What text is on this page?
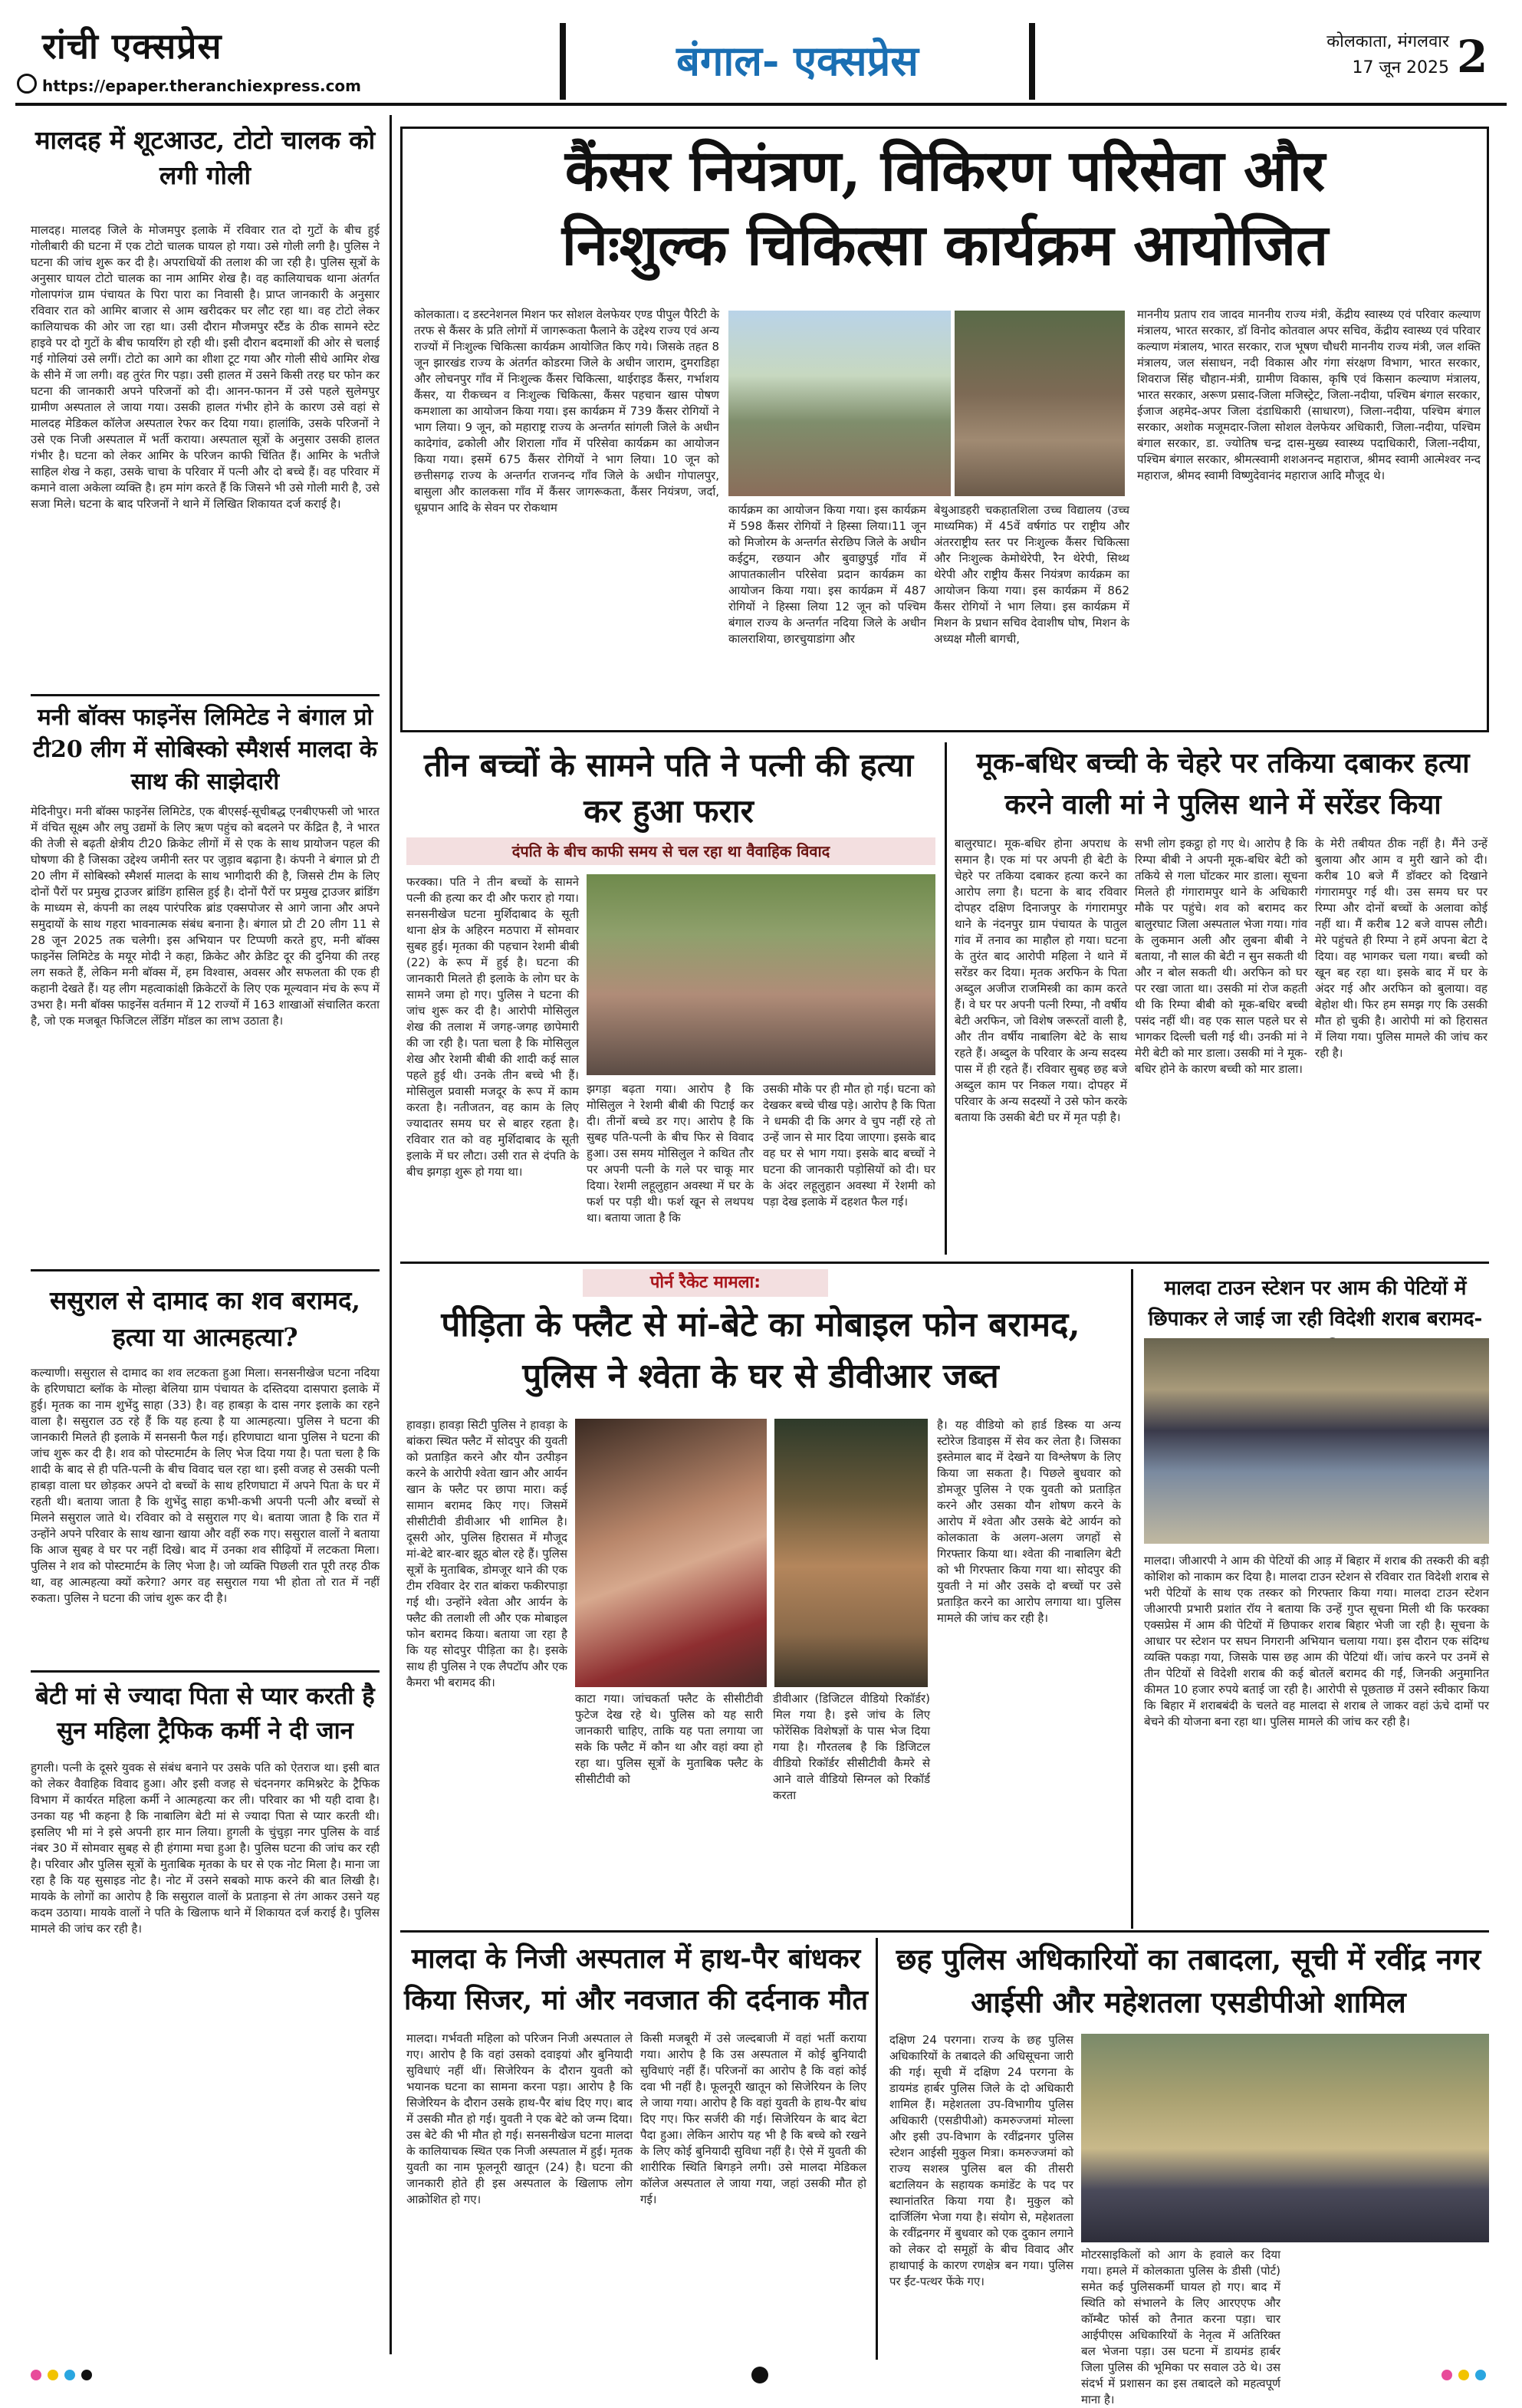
रांची एक्सप्रेस
https://epaper.theranchiexpress.com
बंगाल- एक्सप्रेस	कोलकाता, मंगलवार
17 जून 2025 2
मालदह में शूटआउट, टोटो चालक को लगी गोली
मालदह। मालदह जिले के मोजमपुर इलाके में रविवार रात दो गुटों के बीच हुई गोलीबारी की घटना में एक टोटो चालक घायल हो गया। उसे गोली लगी है। पुलिस ने घटना की जांच शुरू कर दी है। अपराधियों की तलाश की जा रही है। पुलिस सूत्रों के अनुसार घायल टोटो चालक का नाम आमिर शेख है। वह कालियाचक थाना अंतर्गत गोलापगंज ग्राम पंचायत के पिरा पारा का निवासी है। प्राप्त जानकारी के अनुसार रविवार रात को आमिर बाजार से आम खरीदकर घर लौट रहा था। वह टोटो लेकर कालियाचक की ओर जा रहा था। उसी दौरान मौजमपुर स्टैंड के ठीक सामने स्टेट हाइवे पर दो गुटों के बीच फायरिंग हो रही थी। इसी दौरान बदमाशों की ओर से चलाई गई गोलियां उसे लगीं। टोटो का आगे का शीशा टूट गया और गोली सीधे आमिर शेख के सीने में जा लगी। वह तुरंत गिर पड़ा। उसी हालत में उसने किसी तरह घर फोन कर घटना की जानकारी अपने परिजनों को दी। आनन-फानन में उसे पहले सुलेमपुर ग्रामीण अस्पताल ले जाया गया। उसकी हालत गंभीर होने के कारण उसे वहां से मालदह मेडिकल कॉलेज अस्पताल रेफर कर दिया गया। हालांकि, उसके परिजनों ने उसे एक निजी अस्पताल में भर्ती कराया। अस्पताल सूत्रों के अनुसार उसकी हालत गंभीर है। घटना को लेकर आमिर के परिजन काफी चिंतित हैं। आमिर के भतीजे साहिल शेख ने कहा, उसके चाचा के परिवार में पत्नी और दो बच्चे हैं। वह परिवार में कमाने वाला अकेला व्यक्ति है। हम मांग करते हैं कि जिसने भी उसे गोली मारी है, उसे सजा मिले। घटना के बाद परिजनों ने थाने में लिखित शिकायत दर्ज कराई है।
मनी बॉक्स फाइनेंस लिमिटेड ने बंगाल प्रो टी20 लीग में सोबिस्को स्मैशर्स मालदा के साथ की साझेदारी
मेदिनीपुर। मनी बॉक्स फाइनेंस लिमिटेड, एक बीएसई-सूचीबद्ध एनबीएफसी जो भारत में वंचित सूक्ष्म और लघु उद्यमों के लिए ऋण पहुंच को बदलने पर केंद्रित है, ने भारत की तेजी से बढ़ती क्षेत्रीय टी20 क्रिकेट लीगों में से एक के साथ प्रायोजन पहल की घोषणा की है जिसका उद्देश्य जमीनी स्तर पर जुड़ाव बढ़ाना है। कंपनी ने बंगाल प्रो टी 20 लीग में सोबिस्को स्मैशर्स मालदा के साथ भागीदारी की है, जिससे टीम के लिए दोनों पैरों पर प्रमुख ट्राउजर ब्रांडिंग हासिल हुई है। दोनों पैरों पर प्रमुख ट्राउजर ब्रांडिंग के माध्यम से, कंपनी का लक्ष्य पारंपरिक ब्रांड एक्सपोजर से आगे जाना और अपने समुदायों के साथ गहरा भावनात्मक संबंध बनाना है। बंगाल प्रो टी 20 लीग 11 से 28 जून 2025 तक चलेगी। इस अभियान पर टिप्पणी करते हुए, मनी बॉक्स फाइनेंस लिमिटेड के मयूर मोदी ने कहा, क्रिकेट और क्रेडिट दूर की दुनिया की तरह लग सकते हैं, लेकिन मनी बॉक्स में, हम विश्वास, अवसर और सफलता की एक ही कहानी देखते हैं। यह लीग महत्वाकांक्षी क्रिकेटरों के लिए एक मूल्यवान मंच के रूप में उभरा है। मनी बॉक्स फाइनेंस वर्तमान में 12 राज्यों में 163 शाखाओं संचालित करता है, जो एक मजबूत फिजिटल लेंडिंग मॉडल का लाभ उठाता है।
ससुराल से दामाद का शव बरामद, हत्या या आत्महत्या?
कल्याणी। ससुराल से दामाद का शव लटकता हुआ मिला। सनसनीखेज घटना नदिया के हरिणघाटा ब्लॉक के मोल्हा बेलिया ग्राम पंचायत के दस्तिदया दासपारा इलाके में हुई। मृतक का नाम शुभेंदु साहा (33) है। वह हाबड़ा के दास नगर इलाके का रहने वाला है। ससुराल उठ रहे हैं कि यह हत्या है या आत्महत्या। पुलिस ने घटना की जानकारी मिलते ही इलाके में सनसनी फैल गई। हरिणघाटा थाना पुलिस ने घटना की जांच शुरू कर दी है। शव को पोस्टमार्टम के लिए भेज दिया गया है। पता चला है कि शादी के बाद से ही पति-पत्नी के बीच विवाद चल रहा था। इसी वजह से उसकी पत्नी हाबड़ा वाला घर छोड़कर अपने दो बच्चों के साथ हरिणघाटा में अपने पिता के घर में रहती थी। बताया जाता है कि शुभेंदु साहा कभी-कभी अपनी पत्नी और बच्चों से मिलने ससुराल जाते थे। रविवार को वे ससुराल गए थे। बताया जाता है कि रात में उन्होंने अपने परिवार के साथ खाना खाया और वहीं रुक गए। ससुराल वालों ने बताया कि आज सुबह वे घर पर नहीं दिखे। बाद में उनका शव सीढ़ियों में लटकता मिला। पुलिस ने शव को पोस्टमार्टम के लिए भेजा है। जो व्यक्ति पिछली रात पूरी तरह ठीक था, वह आत्महत्या क्यों करेगा? अगर वह ससुराल गया भी होता तो रात में नहीं रुकता। पुलिस ने घटना की जांच शुरू कर दी है।
बेटी मां से ज्यादा पिता से प्यार करती है सुन महिला ट्रैफिक कर्मी ने दी जान
हुगली। पत्नी के दूसरे युवक से संबंध बनाने पर उसके पति को ऐतराज था। इसी बात को लेकर वैवाहिक विवाद हुआ। और इसी वजह से चंदननगर कमिश्नरेट के ट्रैफिक विभाग में कार्यरत महिला कर्मी ने आत्महत्या कर ली। परिवार का भी यही दावा है। उनका यह भी कहना है कि नाबालिग बेटी मां से ज्यादा पिता से प्यार करती थी। इसलिए भी मां ने इसे अपनी हार मान लिया। हुगली के चुंचुड़ा नगर पुलिस के वार्ड नंबर 30 में सोमवार सुबह से ही हंगामा मचा हुआ है। पुलिस घटना की जांच कर रही है। परिवार और पुलिस सूत्रों के मुताबिक मृतका के घर से एक नोट मिला है। माना जा रहा है कि यह सुसाइड नोट है। नोट में उसने सबको माफ करने की बात लिखी है। मायके के लोगों का आरोप है कि ससुराल वालों के प्रताड़ना से तंग आकर उसने यह कदम उठाया। मायके वालों ने पति के खिलाफ थाने में शिकायत दर्ज कराई है। पुलिस मामले की जांच कर रही है।
कैंसर नियंत्रण, विकिरण परिसेवा और
निःशुल्क चिकित्सा कार्यक्रम आयोजित
कोलकाता। द डस्टनेशनल मिशन फर सोशल वेलफेयर एण्ड पीपुल पैरिटी के तरफ से कैंसर के प्रति लोगों में जागरूकता फैलाने के उद्देश्य राज्य एवं अन्य राज्यों में निःशुल्क चिकित्सा कार्यक्रम आयोजित किए गये। जिसके तहत 8 जून झारखंड राज्य के अंतर्गत कोडरमा जिले के अधीन जाराम, दुमराडिहा और लोचनपुर गाँव में निःशुल्क कैंसर चिकित्सा, थाईराइड कैंसर, गर्भाशय कैंसर, या रीकच्चन व निःशुल्क चिकित्सा, कैंसर पहचान खास पोषण कमशाला का आयोजन किया गया। इस कार्यक्रम में 739 कैंसर रोगियों ने भाग लिया। 9 जून, को महाराष्ट्र राज्य के अन्तर्गत सांगली जिले के अधीन कादेगांव, ढकोली और शिराला गाँव में परिसेवा कार्यक्रम का आयोजन किया गया। इसमें 675 कैंसर रोगियों ने भाग लिया। 10 जून को छत्तीसगढ़ राज्य के अन्तर्गत राजनन्द गाँव जिले के अधीन गोपालपुर, बासुला और कालकसा गाँव में कैंसर जागरूकता, कैंसर नियंत्रण, जर्दा, धूम्रपान आदि के सेवन पर रोकथाम	कार्यक्रम का आयोजन किया गया। इस कार्यक्रम में 598 कैंसर रोगियों ने हिस्सा लिया।11 जून को मिजोरम के अन्तर्गत सेरछिप जिले के अधीन कईटुम, रछयान और बुवाछुपुई गाँव में आपातकालीन परिसेवा प्रदान कार्यक्रम का आयोजन किया गया। इस कार्यक्रम में 487 रोगियों ने हिस्सा लिया 12 जून को पश्चिम बंगाल राज्य के अन्तर्गत नदिया जिले के अधीन कालराशिया, छारचुयाडांगा और
बेथुआडहरी चकहातशिला उच्च विद्यालय (उच्च माध्यमिक) में 45वें वर्षगांठ पर राष्ट्रीय और अंतरराष्ट्रीय स्तर पर निःशुल्क कैंसर चिकित्सा और निःशुल्क केमोथेरेपी, रैन थेरेपी, सिथ्थ थेरेपी और राष्ट्रीय कैंसर नियंत्रण कार्यक्रम का आयोजन किया गया। इस कार्यक्रम में 862 कैंसर रोगियों ने भाग लिया। इस कार्यक्रम में मिशन के प्रधान सचिव देवाशीष घोष, मिशन के अध्यक्ष मौली बागची,
माननीय प्रताप राव जादव माननीय राज्य मंत्री, केंद्रीय स्वास्थ्य एवं परिवार कल्याण मंत्रालय, भारत सरकार, डॉ विनोद कोतवाल अपर सचिव, केंद्रीय स्वास्थ्य एवं परिवार कल्याण मंत्रालय, भारत सरकार, राज भूषण चौधरी माननीय राज्य मंत्री, जल शक्ति मंत्रालय, जल संसाधन, नदी विकास और गंगा संरक्षण विभाग, भारत सरकार, शिवराज सिंह चौहान-मंत्री, ग्रामीण विकास, कृषि एवं किसान कल्याण मंत्रालय, भारत सरकार, अरूण प्रसाद-जिला मजिस्ट्रेट, जिला-नदीया, पश्चिम बंगाल सरकार, ईजाज अहमेद-अपर जिला दंडाधिकारी (साधारण), जिला-नदीया, पश्चिम बंगाल सरकार, अशोक मजूमदार-जिला सोशल वेलफेयर अधिकारी, जिला-नदीया, पश्चिम बंगाल सरकार, डा. ज्योतिष चन्द्र दास-मुख्य स्वास्थ्य पदाधिकारी, जिला-नदीया, पश्चिम बंगाल सरकार, श्रीमत्स्वामी शशअनन्द महाराज, श्रीमद स्वामी आत्मेश्वर नन्द महाराज, श्रीमद स्वामी विष्णुदेवानंद महाराज आदि मौजूद थे।
तीन बच्चों के सामने पति ने पत्नी की हत्या कर हुआ फरार
दंपति के बीच काफी समय से चल रहा था वैवाहिक विवाद
फरक्का। पति ने तीन बच्चों के सामने पत्नी की हत्या कर दी और फरार हो गया। सनसनीखेज घटना मुर्शिदाबाद के सूती थाना क्षेत्र के अहिरन मठपारा में सोमवार सुबह हुई। मृतका की पहचान रेशमी बीबी (22) के रूप में हुई है। घटना की जानकारी मिलते ही इलाके के लोग घर के सामने जमा हो गए। पुलिस ने घटना की जांच शुरू कर दी है। आरोपी मोसिलुल शेख की तलाश में जगह-जगह छापेमारी की जा रही है। पता चला है कि मोसिलुल शेख और रेशमी बीबी की शादी कई साल पहले हुई थी। उनके तीन बच्चे भी हैं। मोसिलुल प्रवासी मजदूर के रूप में काम करता है। नतीजतन, वह काम के लिए ज्यादातर समय घर से बाहर रहता है। रविवार रात को वह मुर्शिदाबाद के सूती इलाके में घर लौटा। उसी रात से दंपति के बीच झगड़ा शुरू हो गया था।
झगड़ा बढ़ता गया। आरोप है कि मोसिलुल ने रेशमी बीबी की पिटाई कर दी। तीनों बच्चे डर गए। आरोप है कि सुबह पति-पत्नी के बीच फिर से विवाद हुआ। उस समय मोसिलुल ने कथित तौर पर अपनी पत्नी के गले पर चाकू मार दिया। रेशमी लहूलुहान अवस्था में घर के फर्श पर पड़ी थी। फर्श खून से लथपथ था। बताया जाता है कि
उसकी मौके पर ही मौत हो गई। घटना को देखकर बच्चे चीख पड़े। आरोप है कि पिता ने धमकी दी कि अगर वे चुप नहीं रहे तो उन्हें जान से मार दिया जाएगा। इसके बाद वह घर से भाग गया। इसके बाद बच्चों ने घटना की जानकारी पड़ोसियों को दी। घर के अंदर लहूलुहान अवस्था में रेशमी को पड़ा देख इलाके में दहशत फैल गई।
मूक-बधिर बच्ची के चेहरे पर तकिया दबाकर हत्या करने वाली मां ने पुलिस थाने में सरेंडर किया
बालुरघाट। मूक-बधिर होना अपराध के समान है। एक मां पर अपनी ही बेटी के चेहरे पर तकिया दबाकर हत्या करने का आरोप लगा है। घटना के बाद रविवार दोपहर दक्षिण दिनाजपुर के गंगारामपुर थाने के नंदनपुर ग्राम पंचायत के पातुल गांव में तनाव का माहौल हो गया। घटना के तुरंत बाद आरोपी महिला ने थाने में सरेंडर कर दिया। मृतक अरफिन के पिता अब्दुल अजीज राजमिस्त्री का काम करते हैं। वे घर पर अपनी पत्नी रिम्पा, नौ वर्षीय बेटी अरफिन, जो विशेष जरूरतों वाली है, और तीन वर्षीय नाबालिग बेटे के साथ रहते हैं। अब्दुल के परिवार के अन्य सदस्य पास में ही रहते हैं। रविवार सुबह छह बजे अब्दुल काम पर निकल गया। दोपहर में परिवार के अन्य सदस्यों ने उसे फोन करके बताया कि उसकी बेटी घर में मृत पड़ी है।
सभी लोग इकट्ठा हो गए थे। आरोप है कि रिम्पा बीबी ने अपनी मूक-बधिर बेटी को तकिये से गला घोंटकर मार डाला। सूचना मिलते ही गंगारामपुर थाने के अधिकारी मौके पर पहुंचे। शव को बरामद कर बालुरघाट जिला अस्पताल भेजा गया। गांव के लुकमान अली और लुबना बीबी ने बताया, नौ साल की बेटी न सुन सकती थी और न बोल सकती थी। अरफिन को घर पर रखा जाता था। उसकी मां रोज कहती थी कि रिम्पा बीबी को मूक-बधिर बच्ची पसंद नहीं थी। वह एक साल पहले घर से भागकर दिल्ली चली गई थी। उनकी मां ने मेरी बेटी को मार डाला। उसकी मां ने मूक-बधिर होने के कारण बच्ची को मार डाला।
के मेरी तबीयत ठीक नहीं है। मैंने उन्हें बुलाया और आम व मुरी खाने को दी। करीब 10 बजे मैं डॉक्टर को दिखाने गंगारामपुर गई थी। उस समय घर पर रिम्पा और दोनों बच्चों के अलावा कोई नहीं था। मैं करीब 12 बजे वापस लौटी। मेरे पहुंचते ही रिम्पा ने हमें अपना बेटा दे दिया। वह भागकर चला गया। बच्ची को खून बह रहा था। इसके बाद में घर के अंदर गई और अरफिन को बुलाया। वह बेहोश थी। फिर हम समझ गए कि उसकी मौत हो चुकी है। आरोपी मां को हिरासत में लिया गया। पुलिस मामले की जांच कर रही है।
पोर्न रैकेट मामला:
पीड़िता के फ्लैट से मां-बेटे का मोबाइल फोन बरामद,
पुलिस ने श्वेता के घर से डीवीआर जब्त
हावड़ा। हावड़ा सिटी पुलिस ने हावड़ा के बांकरा स्थित फ्लैट में सोदपुर की युवती को प्रताड़ित करने और यौन उत्पीड़न करने के आरोपी श्वेता खान और आर्यन खान के फ्लैट पर छापा मारा। कई सामान बरामद किए गए। जिसमें सीसीटीवी डीवीआर भी शामिल है। दूसरी ओर, पुलिस हिरासत में मौजूद मां-बेटे बार-बार झूठ बोल रहे हैं। पुलिस सूत्रों के मुताबिक, डोमजूर थाने की एक टीम रविवार देर रात बांकरा फकीरपाड़ा गई थी। उन्होंने श्वेता और आर्यन के फ्लैट की तलाशी ली और एक मोबाइल फोन बरामद किया। बताया जा रहा है कि यह सोदपुर पीड़िता का है। इसके साथ ही पुलिस ने एक लैपटॉप और एक कैमरा भी बरामद की।
काटा गया। जांचकर्ता फ्लैट के सीसीटीवी फुटेज देख रहे थे। पुलिस को यह सारी जानकारी चाहिए, ताकि यह पता लगाया जा सके कि फ्लैट में कौन था और वहां क्या हो रहा था। पुलिस सूत्रों के मुताबिक फ्लैट के सीसीटीवी को
डीवीआर (डिजिटल वीडियो रिकॉर्डर) मिल गया है। इसे जांच के लिए फोरेंसिक विशेषज्ञों के पास भेज दिया गया है। गौरतलब है कि डिजिटल वीडियो रिकॉर्डर सीसीटीवी कैमरे से आने वाले वीडियो सिग्नल को रिकॉर्ड करता
है। यह वीडियो को हार्ड डिस्क या अन्य स्टोरेज डिवाइस में सेव कर लेता है। जिसका इस्तेमाल बाद में देखने या विश्लेषण के लिए किया जा सकता है। पिछले बुधवार को डोमजूर पुलिस ने एक युवती को प्रताड़ित करने और उसका यौन शोषण करने के आरोप में श्वेता और उसके बेटे आर्यन को कोलकाता के अलग-अलग जगहों से गिरफ्तार किया था। श्वेता की नाबालिग बेटी को भी गिरफ्तार किया गया था। सोदपुर की युवती ने मां और उसके दो बच्चों पर उसे प्रताड़ित करने का आरोप लगाया था। पुलिस मामले की जांच कर रही है।
मालदा टाउन स्टेशन पर आम की पेटियों में छिपाकर ले जाई जा रही विदेशी शराब बरामद-
मालदा। जीआरपी ने आम की पेटियों की आड़ में बिहार में शराब की तस्करी की बड़ी कोशिश को नाकाम कर दिया है। मालदा टाउन स्टेशन से रविवार रात विदेशी शराब से भरी पेटियों के साथ एक तस्कर को गिरफ्तार किया गया। मालदा टाउन स्टेशन जीआरपी प्रभारी प्रशांत रॉय ने बताया कि उन्हें गुप्त सूचना मिली थी कि फरक्का एक्सप्रेस में आम की पेटियों में छिपाकर शराब बिहार भेजी जा रही है। सूचना के आधार पर स्टेशन पर सघन निगरानी अभियान चलाया गया। इस दौरान एक संदिग्ध व्यक्ति पकड़ा गया, जिसके पास छह आम की पेटियां थीं। जांच करने पर उनमें से तीन पेटियों से विदेशी शराब की कई बोतलें बरामद की गईं, जिनकी अनुमानित कीमत 10 हजार रुपये बताई जा रही है। आरोपी से पूछताछ में उसने स्वीकार किया कि बिहार में शराबबंदी के चलते वह मालदा से शराब ले जाकर वहां ऊंचे दामों पर बेचने की योजना बना रहा था। पुलिस मामले की जांच कर रही है।
मालदा के निजी अस्पताल में हाथ-पैर बांधकर किया सिजर, मां और नवजात की दर्दनाक मौत
मालदा। गर्भवती महिला को परिजन निजी अस्पताल ले गए। आरोप है कि वहां उसको दवाइयां और बुनियादी सुविधाएं नहीं थीं। सिजेरियन के दौरान युवती को भयानक घटना का सामना करना पड़ा। आरोप है कि सिजेरियन के दौरान उसके हाथ-पैर बांध दिए गए। बाद में उसकी मौत हो गई। युवती ने एक बेटे को जन्म दिया। उस बेटे की भी मौत हो गई। सनसनीखेज घटना मालदा के कालियाचक स्थित एक निजी अस्पताल में हुई। मृतक युवती का नाम फूलनूरी खातून (24) है। घटना की जानकारी होते ही इस अस्पताल के खिलाफ लोग आक्रोशित हो गए।
किसी मजबूरी में उसे जल्दबाजी में वहां भर्ती कराया गया। आरोप है कि उस अस्पताल में कोई बुनियादी सुविधाएं नहीं हैं। परिजनों का आरोप है कि वहां कोई दवा भी नहीं है। फूलनूरी खातून को सिजेरियन के लिए ले जाया गया। आरोप है कि वहां युवती के हाथ-पैर बांध दिए गए। फिर सर्जरी की गई। सिजेरियन के बाद बेटा पैदा हुआ। लेकिन आरोप यह भी है कि बच्चे को रखने के लिए कोई बुनियादी सुविधा नहीं है। ऐसे में युवती की शारीरिक स्थिति बिगड़ने लगी। उसे मालदा मेडिकल कॉलेज अस्पताल ले जाया गया, जहां उसकी मौत हो गई।
छह पुलिस अधिकारियों का तबादला, सूची में रवींद्र नगर आईसी और महेशतला एसडीपीओ शामिल
दक्षिण 24 परगना। राज्य के छह पुलिस अधिकारियों के तबादले की अधिसूचना जारी की गई। सूची में दक्षिण 24 परगना के डायमंड हार्बर पुलिस जिले के दो अधिकारी शामिल हैं। महेशतला उप-विभागीय पुलिस अधिकारी (एसडीपीओ) कमरुज्जमां मोल्ला और इसी उप-विभाग के रवींद्रनगर पुलिस स्टेशन आईसी मुकुल मित्रा। कमरुज्जमां को राज्य सशस्त्र पुलिस बल की तीसरी बटालियन के सहायक कमांडेंट के पद पर स्थानांतरित किया गया है। मुकुल को दार्जिलिंग भेजा गया है। संयोग से, महेशतला के रवींद्रनगर में बुधवार को एक दुकान लगाने को लेकर दो समूहों के बीच विवाद और हाथापाई के कारण रणक्षेत्र बन गया। पुलिस पर ईंट-पत्थर फेंके गए।
मोटरसाइकिलों को आग के हवाले कर दिया गया। हमले में कोलकाता पुलिस के डीसी (पोर्ट) समेत कई पुलिसकर्मी घायल हो गए। बाद में स्थिति को संभालने के लिए आरएएफ और कॉम्बैट फोर्स को तैनात करना पड़ा। चार आईपीएस अधिकारियों के नेतृत्व में अतिरिक्त बल भेजना पड़ा। उस घटना में डायमंड हार्बर जिला पुलिस की भूमिका पर सवाल उठे थे। उस संदर्भ में प्रशासन का इस तबादले को महत्वपूर्ण माना है।
